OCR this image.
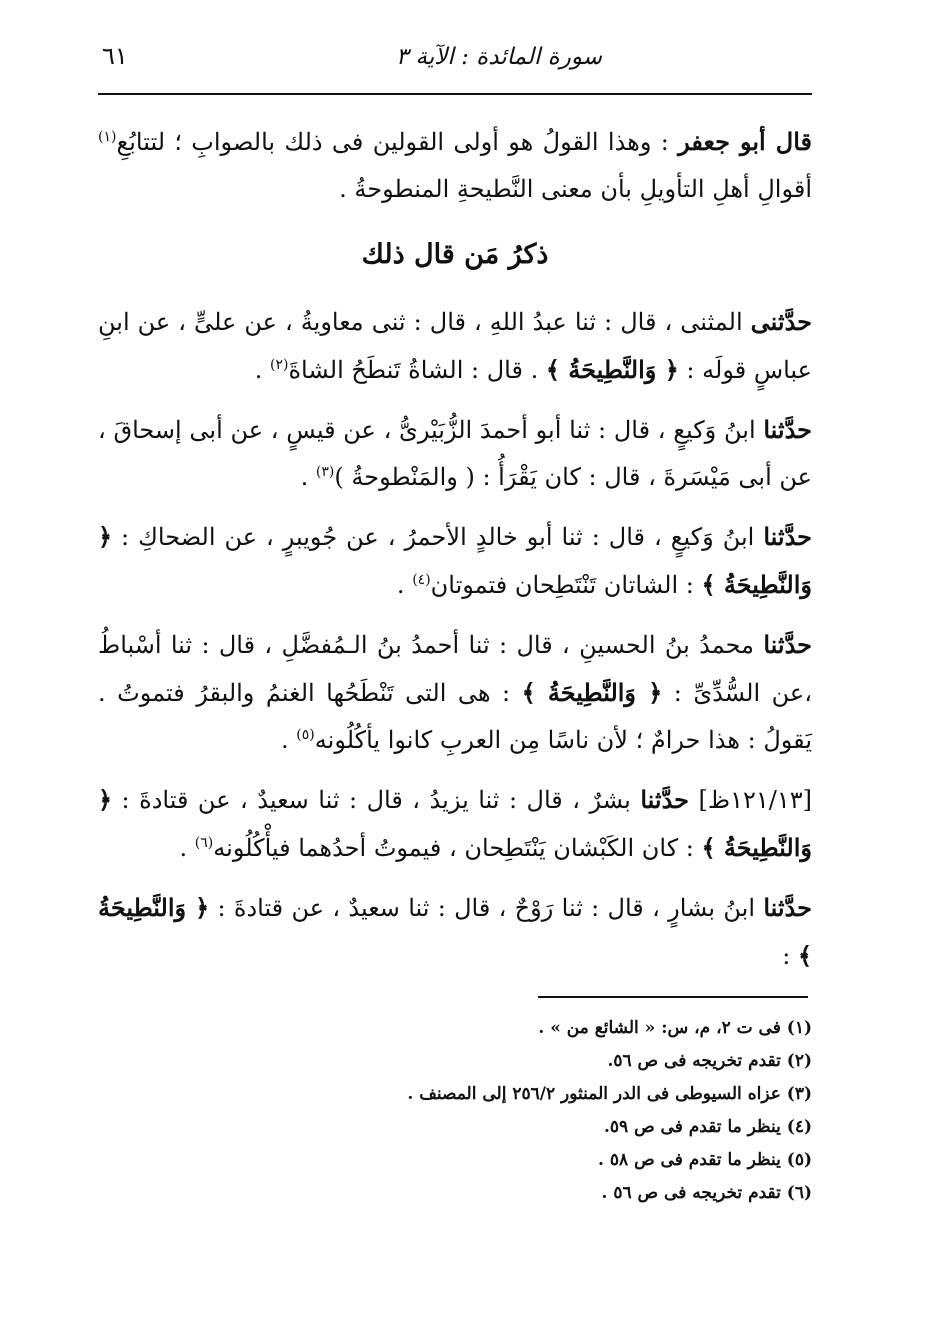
سورة المائدة : الآية ٣
٦١

قال أبو جعفر : وهذا القولُ هو أولى القولين فى ذلك بالصوابِ ؛ لتتابُعِ$^{(١)}$ أقوالِ أهلِ التأويلِ بأن معنى النَّطيحةِ المنطوحةُ .

ذكرُ مَن قال ذلك

حدَّثنى المثنى ، قال : ثنا عبدُ اللهِ ، قال : ثنى معاويةُ ، عن علىٍّ ، عن ابنِ عباسٍ قولَه : ﴿ وَالنَّطِيحَةُ ﴾ . قال : الشاةُ تَنطَحُ الشاةَ$^{(٢)}$ .

حدَّثنا ابنُ وَكيعٍ ، قال : ثنا أبو أحمدَ الزُّبَيْرىُّ ، عن قيسٍ ، عن أبى إسحاقَ ، عن أبى مَيْسَرةَ ، قال : كان يَقْرَأُ : ( والمَنْطوحةُ )$^{(٣)}$ .

حدَّثنا ابنُ وَكيعٍ ، قال : ثنا أبو خالدٍ الأحمرُ ، عن جُويبرٍ ، عن الضحاكِ : ﴿ وَالنَّطِيحَةُ ﴾ : الشاتان تَنْتَطِحان فتموتان$^{(٤)}$ .

حدَّثنا محمدُ بنُ الحسينِ ، قال : ثنا أحمدُ بنُ الـمُفضَّلِ ، قال : ثنا أسْباطُ ،عن السُّدِّىِّ : ﴿ وَالنَّطِيحَةُ ﴾ : هى التى تَنْطَحُها الغنمُ والبقرُ فتموتُ . يَقولُ : هذا حرامٌ ؛ لأن ناسًا مِن العربِ كانوا يأكُلُونه$^{(٥)}$ .

[١٢١/١٣ظ] حدَّثنا بشرٌ ، قال : ثنا يزيدُ ، قال : ثنا سعيدٌ ، عن قتادةَ : ﴿ وَالنَّطِيحَةُ ﴾ : كان الكَبْشان يَنْتَطِحان ، فيموتُ أحدُهما فيأْكُلُونه$^{(٦)}$ .

حدَّثنا ابنُ بشارٍ ، قال : ثنا رَوْحٌ ، قال : ثنا سعيدٌ ، عن قتادةَ : ﴿ وَالنَّطِيحَةُ ﴾ :

(١) فى ت ٢، م، س: « الشائع من » .

(٢) تقدم تخريجه فى ص ٥٦.

(٣) عزاه السيوطى فى الدر المنثور ٢٥٦/٢ إلى المصنف .

(٤) ينظر ما تقدم فى ص ٥٩.

(٥) ينظر ما تقدم فى ص ٥٨ .

(٦) تقدم تخريجه فى ص ٥٦ .
